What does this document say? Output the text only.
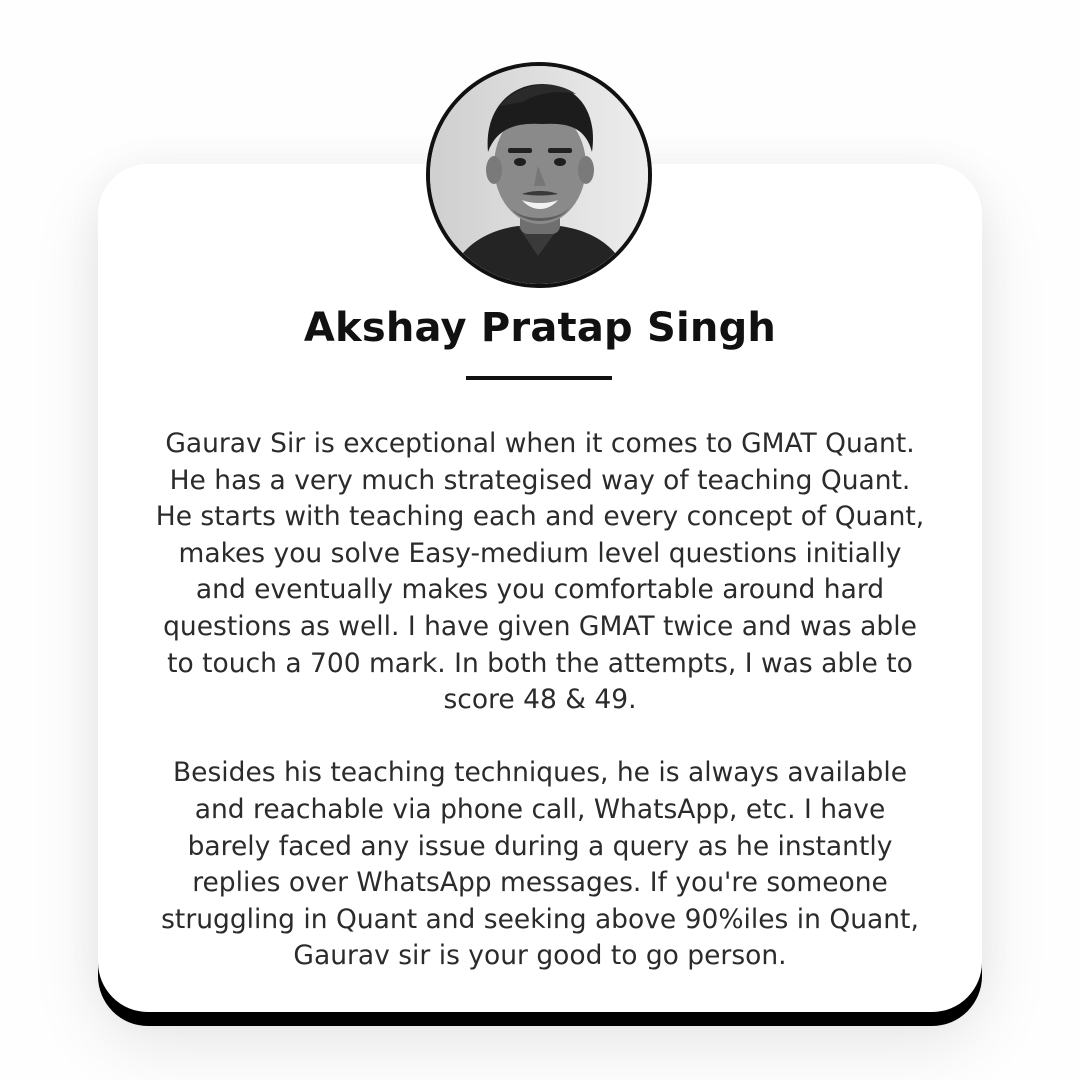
Akshay Pratap Singh

Gaurav Sir is exceptional when it comes to GMAT Quant.
He has a very much strategised way of teaching Quant.
He starts with teaching each and every concept of Quant,
makes you solve Easy-medium level questions initially
and eventually makes you comfortable around hard
questions as well. I have given GMAT twice and was able
to touch a 700 mark. In both the attempts, I was able to
score 48 & 49.

Besides his teaching techniques, he is always available
and reachable via phone call, WhatsApp, etc. I have
barely faced any issue during a query as he instantly
replies over WhatsApp messages. If you're someone
struggling in Quant and seeking above 90%iles in Quant,
Gaurav sir is your good to go person.
